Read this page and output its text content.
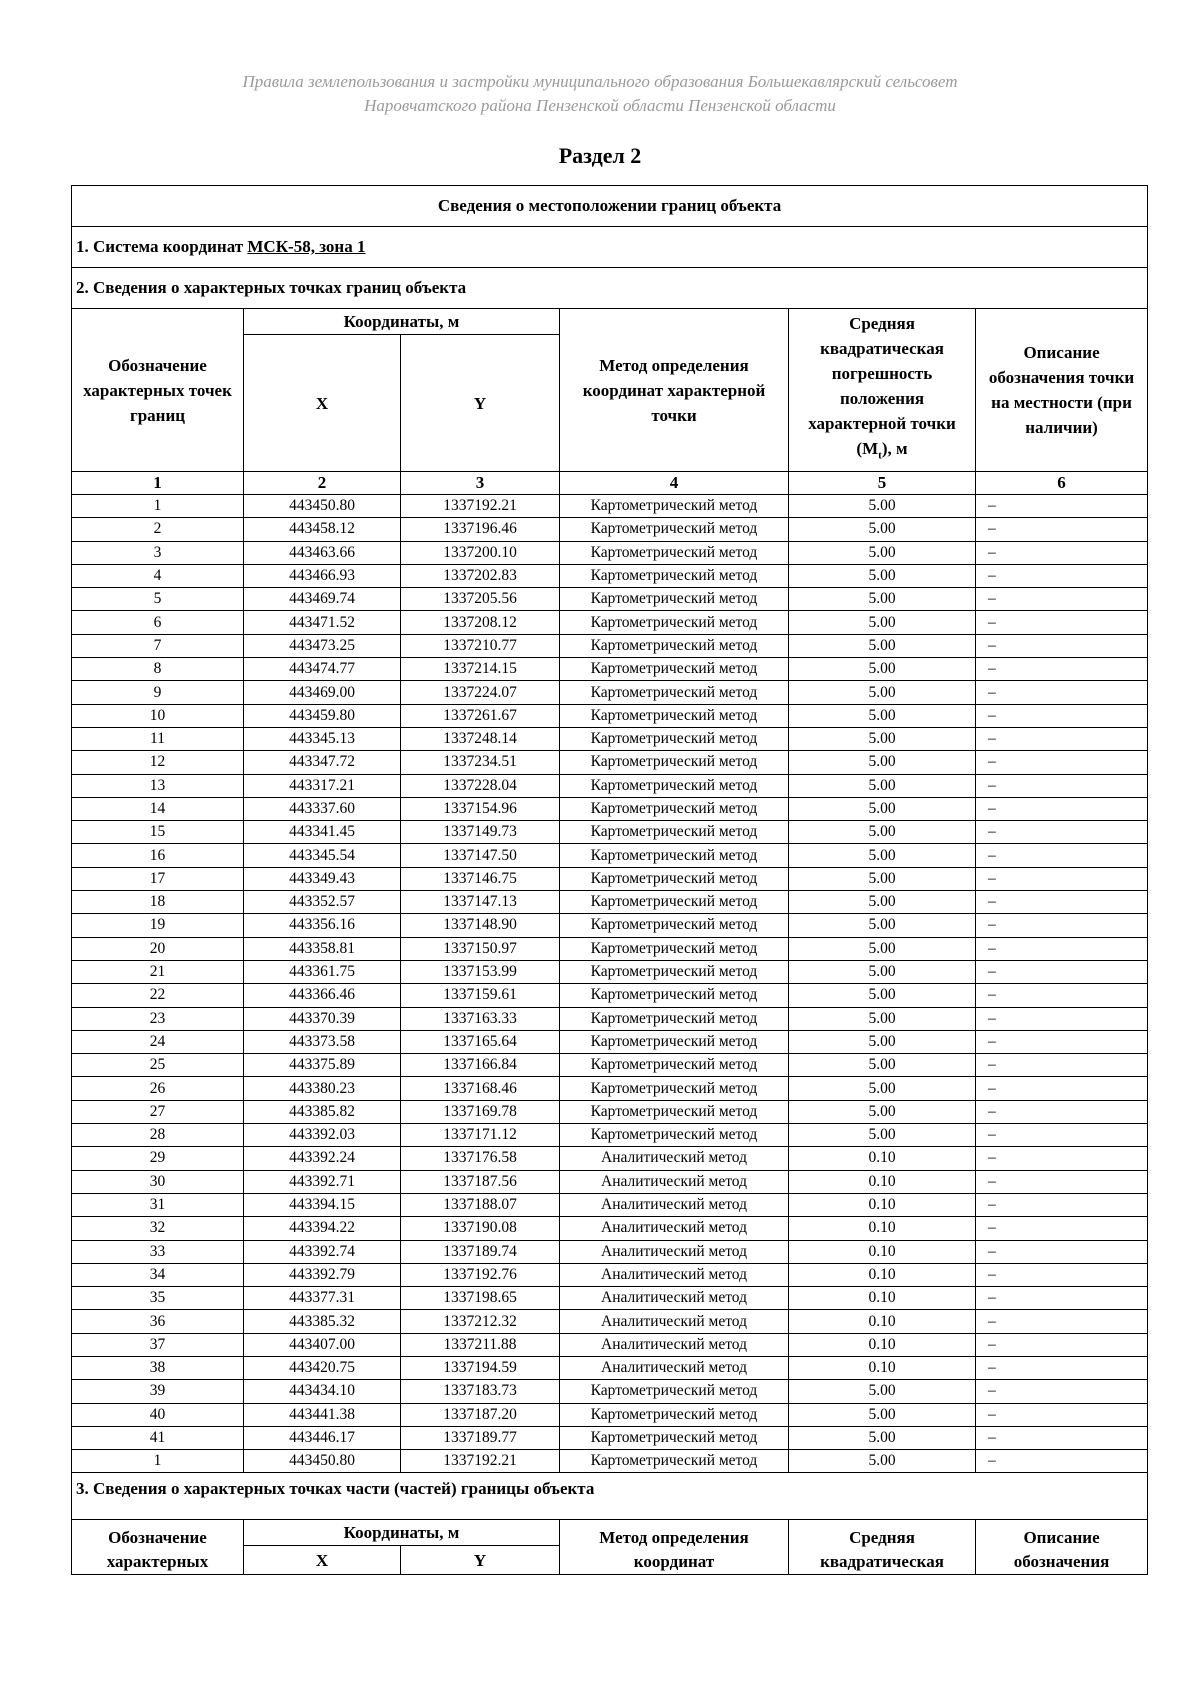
Правила землепользования и застройки муниципального образования Большекавлярский сельсовет
Наровчатского района Пензенской области Пензенской области
Раздел 2
Сведения о местоположении границ объекта					
1. Система координат МСК-58, зона 1					
2. Сведения о характерных точках границ объекта					
Обозначение характерных точек границ	Координаты, м		Метод определения координат характерной точки	Средняя квадратическая погрешность положения характерной точки $(M_t)$, м	Описание обозначения точки на местности (при наличии)
	X	Y			
1	2	3	4	5	6
1	443450.80	1337192.21	Картометрический метод	5.00	–
2	443458.12	1337196.46	Картометрический метод	5.00	–
3	443463.66	1337200.10	Картометрический метод	5.00	–
4	443466.93	1337202.83	Картометрический метод	5.00	–
5	443469.74	1337205.56	Картометрический метод	5.00	–
6	443471.52	1337208.12	Картометрический метод	5.00	–
7	443473.25	1337210.77	Картометрический метод	5.00	–
8	443474.77	1337214.15	Картометрический метод	5.00	–
9	443469.00	1337224.07	Картометрический метод	5.00	–
10	443459.80	1337261.67	Картометрический метод	5.00	–
11	443345.13	1337248.14	Картометрический метод	5.00	–
12	443347.72	1337234.51	Картометрический метод	5.00	–
13	443317.21	1337228.04	Картометрический метод	5.00	–
14	443337.60	1337154.96	Картометрический метод	5.00	–
15	443341.45	1337149.73	Картометрический метод	5.00	–
16	443345.54	1337147.50	Картометрический метод	5.00	–
17	443349.43	1337146.75	Картометрический метод	5.00	–
18	443352.57	1337147.13	Картометрический метод	5.00	–
19	443356.16	1337148.90	Картометрический метод	5.00	–
20	443358.81	1337150.97	Картометрический метод	5.00	–
21	443361.75	1337153.99	Картометрический метод	5.00	–
22	443366.46	1337159.61	Картометрический метод	5.00	–
23	443370.39	1337163.33	Картометрический метод	5.00	–
24	443373.58	1337165.64	Картометрический метод	5.00	–
25	443375.89	1337166.84	Картометрический метод	5.00	–
26	443380.23	1337168.46	Картометрический метод	5.00	–
27	443385.82	1337169.78	Картометрический метод	5.00	–
28	443392.03	1337171.12	Картометрический метод	5.00	–
29	443392.24	1337176.58	Аналитический метод	0.10	–
30	443392.71	1337187.56	Аналитический метод	0.10	–
31	443394.15	1337188.07	Аналитический метод	0.10	–
32	443394.22	1337190.08	Аналитический метод	0.10	–
33	443392.74	1337189.74	Аналитический метод	0.10	–
34	443392.79	1337192.76	Аналитический метод	0.10	–
35	443377.31	1337198.65	Аналитический метод	0.10	–
36	443385.32	1337212.32	Аналитический метод	0.10	–
37	443407.00	1337211.88	Аналитический метод	0.10	–
38	443420.75	1337194.59	Аналитический метод	0.10	–
39	443434.10	1337183.73	Картометрический метод	5.00	–
40	443441.38	1337187.20	Картометрический метод	5.00	–
41	443446.17	1337189.77	Картометрический метод	5.00	–
1	443450.80	1337192.21	Картометрический метод	5.00	–
3. Сведения о характерных точках части (частей) границы объекта					
Обозначение характерных	Координаты, м		Метод определения координат	Средняя квадратическая	Описание обозначения
	X	Y			
